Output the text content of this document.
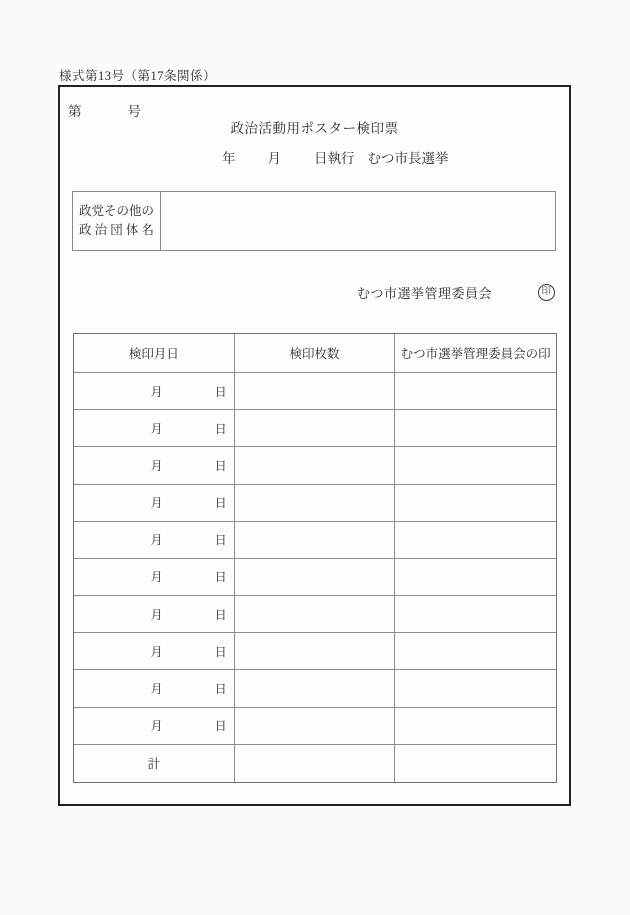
様式第13号（第17条関係）
第	号
政治活動用ポスター検印票
年 月 日執行 むつ市長選挙
政党その他の
政治団体名
むつ市選挙管理委員会	印
検印月日	検印枚数	むつ市選挙管理委員会の印
月	日
月	日
月	日
月	日
月	日
月	日
月	日
月	日
月	日
月	日
計
